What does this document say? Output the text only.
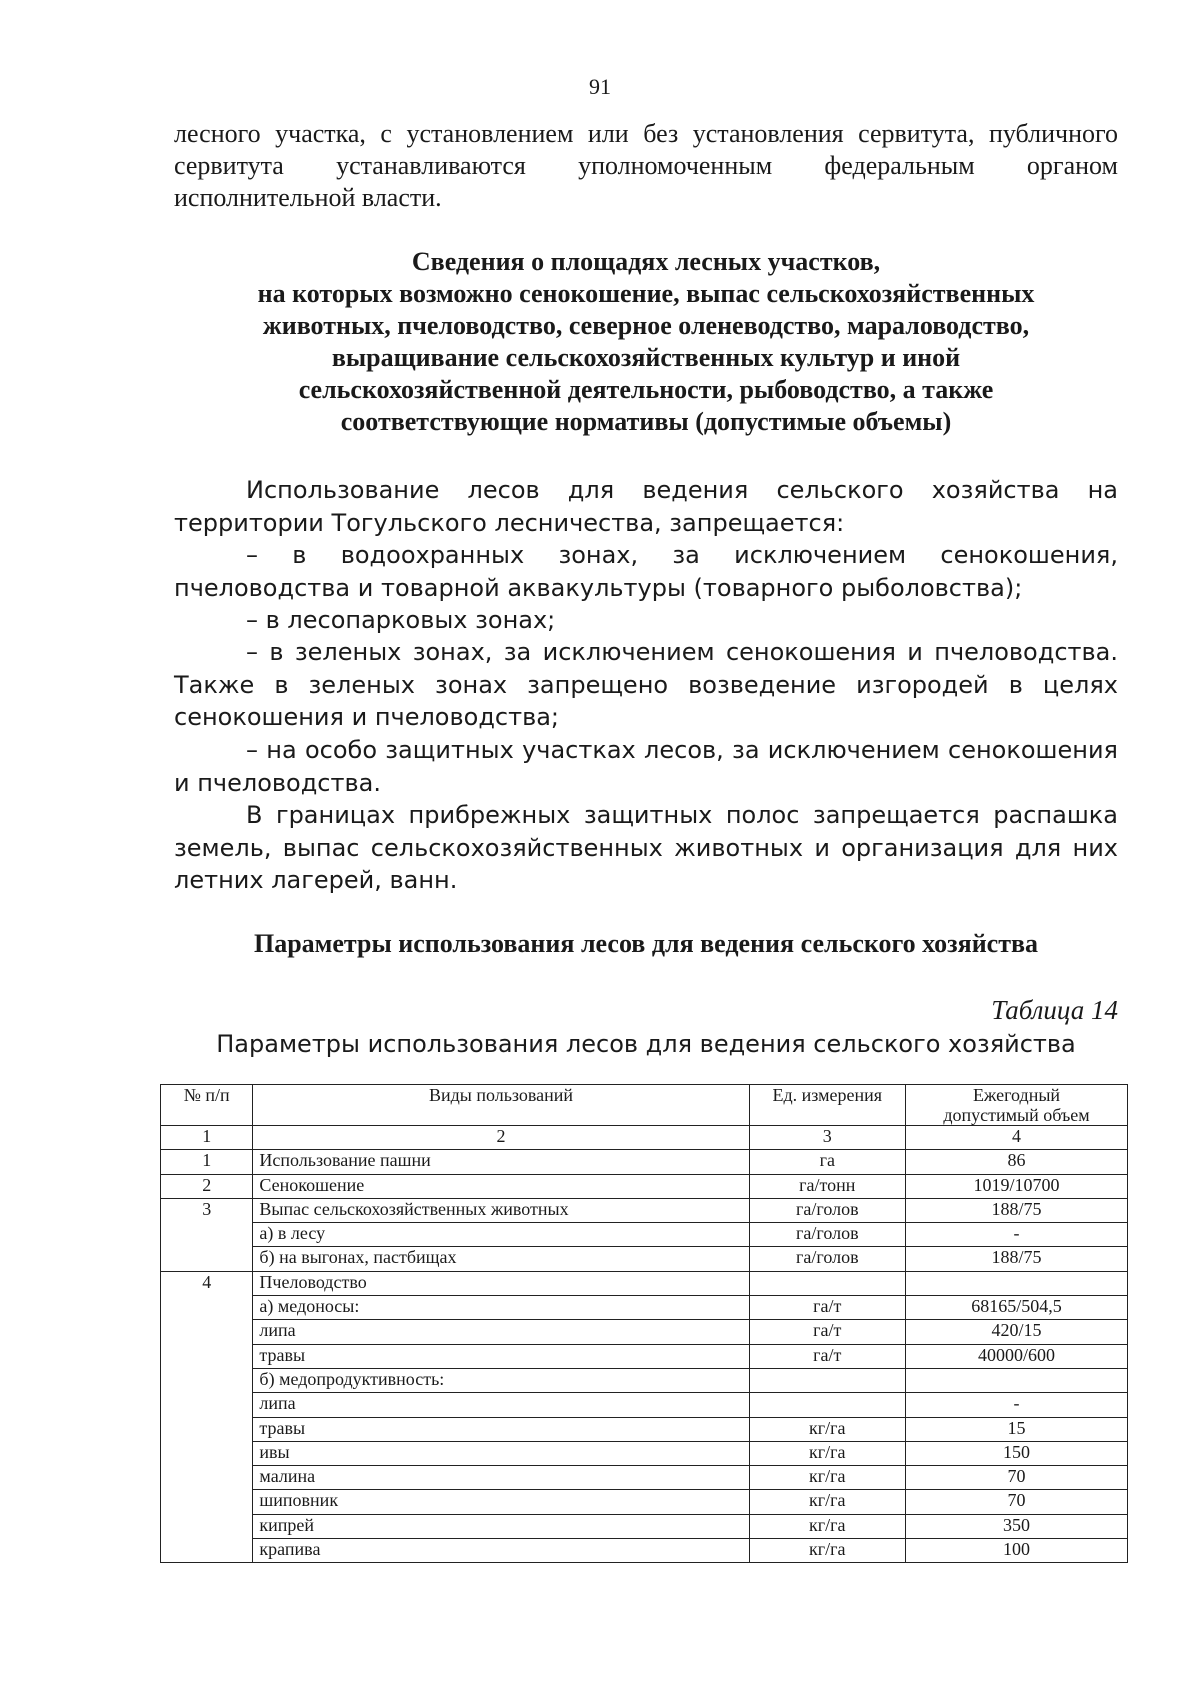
91

лесного участка, с установлением или без установления сервитута, публичного сервитута устанавливаются уполномоченным федеральным органом исполнительной власти.

Сведения о площадях лесных участков,
на которых возможно сенокошение, выпас сельскохозяйственных
животных, пчеловодство, северное оленеводство, мараловодство,
выращивание сельскохозяйственных культур и иной
сельскохозяйственной деятельности, рыбоводство, а также
соответствующие нормативы (допустимые объемы)

Использование лесов для ведения сельского хозяйства на территории Тогульского лесничества, запрещается:

– в водоохранных зонах, за исключением сенокошения, пчеловодства и товарной аквакультуры (товарного рыболовства);

– в лесопарковых зонах;

– в зеленых зонах, за исключением сенокошения и пчеловодства. Также в зеленых зонах запрещено возведение изгородей в целях сенокошения и пчеловодства;

– на особо защитных участках лесов, за исключением сенокошения и пчеловодства.

В границах прибрежных защитных полос запрещается распашка земель, выпас сельскохозяйственных животных и организация для них летних лагерей, ванн.

Параметры использования лесов для ведения сельского хозяйства
Таблица 14
Параметры использования лесов для ведения сельского хозяйства
№ п/п	Виды пользований	Ед. измерения	Ежегодный
допустимый объем

1	2	3	4
1	Использование пашни	га	86
2	Сенокошение	га/тонн	1019/10700
3	Выпас сельскохозяйственных животных	га/голов	188/75
	а) в лесу	га/голов	-
	б) на выгонах, пастбищах	га/голов	188/75
4	Пчеловодство		
	а) медоносы:	га/т	68165/504,5
	липа	га/т	420/15
	травы	га/т	40000/600
	б) медопродуктивность:		
	липа		-
	травы	кг/га	15
	ивы	кг/га	150
	малина	кг/га	70
	шиповник	кг/га	70
	кипрей	кг/га	350
	крапива	кг/га	100
